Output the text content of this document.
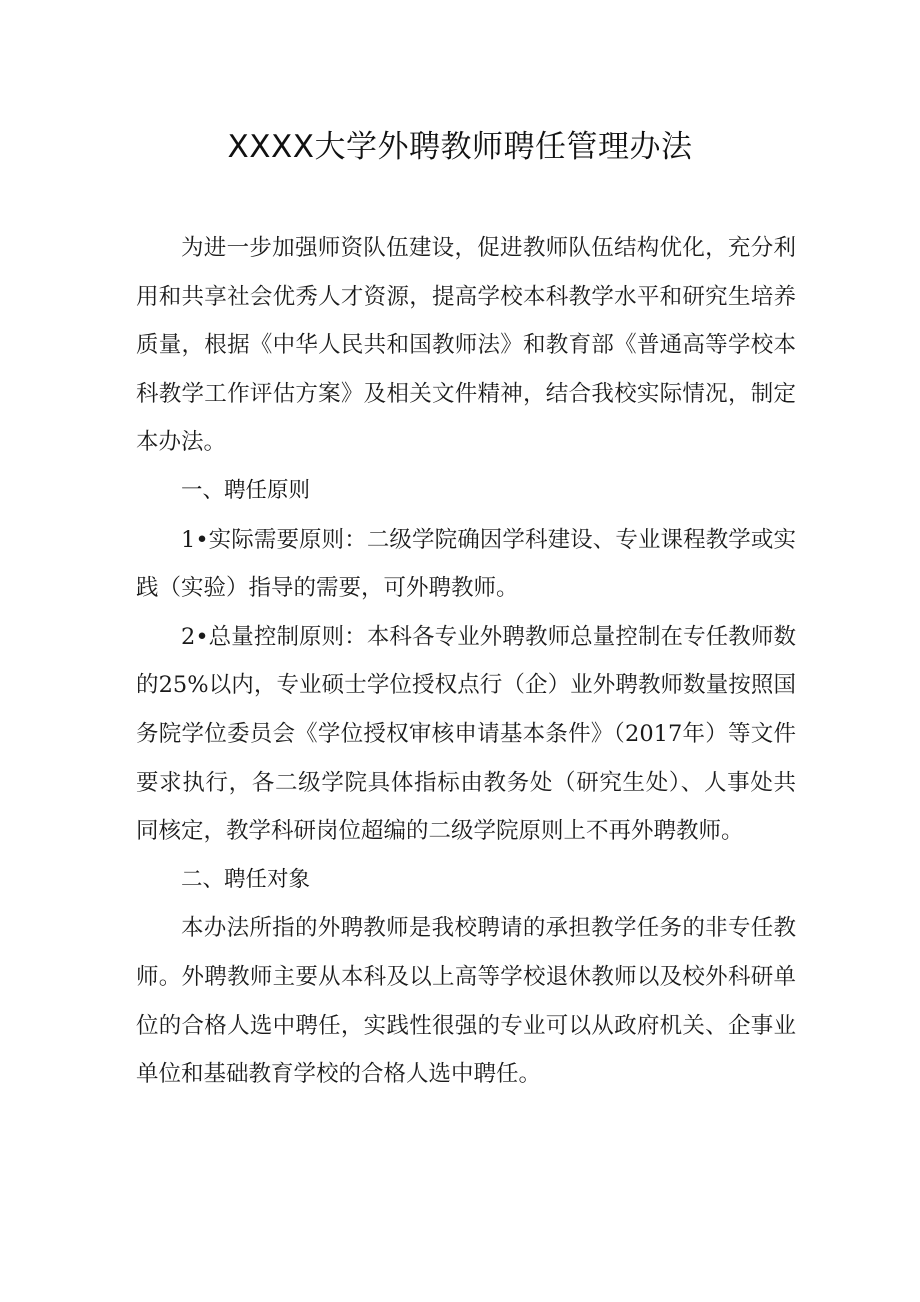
XXXX大学外聘教师聘任管理办法

为进一步加强师资队伍建设，促进教师队伍结构优化，充分利用和共享社会优秀人才资源，提高学校本科教学水平和研究生培养质量，根据《中华人民共和国教师法》和教育部《普通高等学校本科教学工作评估方案》及相关文件精神，结合我校实际情况，制定本办法。

一、聘任原则

1•实际需要原则：二级学院确因学科建设、专业课程教学或实践（实验）指导的需要，可外聘教师。

2•总量控制原则：本科各专业外聘教师总量控制在专任教师数的25%以内，专业硕士学位授权点行（企）业外聘教师数量按照国务院学位委员会《学位授权审核申请基本条件》（2017年）等文件要求执行，各二级学院具体指标由教务处（研究生处）、人事处共同核定，教学科研岗位超编的二级学院原则上不再外聘教师。

二、聘任对象

本办法所指的外聘教师是我校聘请的承担教学任务的非专任教师。外聘教师主要从本科及以上高等学校退休教师以及校外科研单位的合格人选中聘任，实践性很强的专业可以从政府机关、企事业单位和基础教育学校的合格人选中聘任。
